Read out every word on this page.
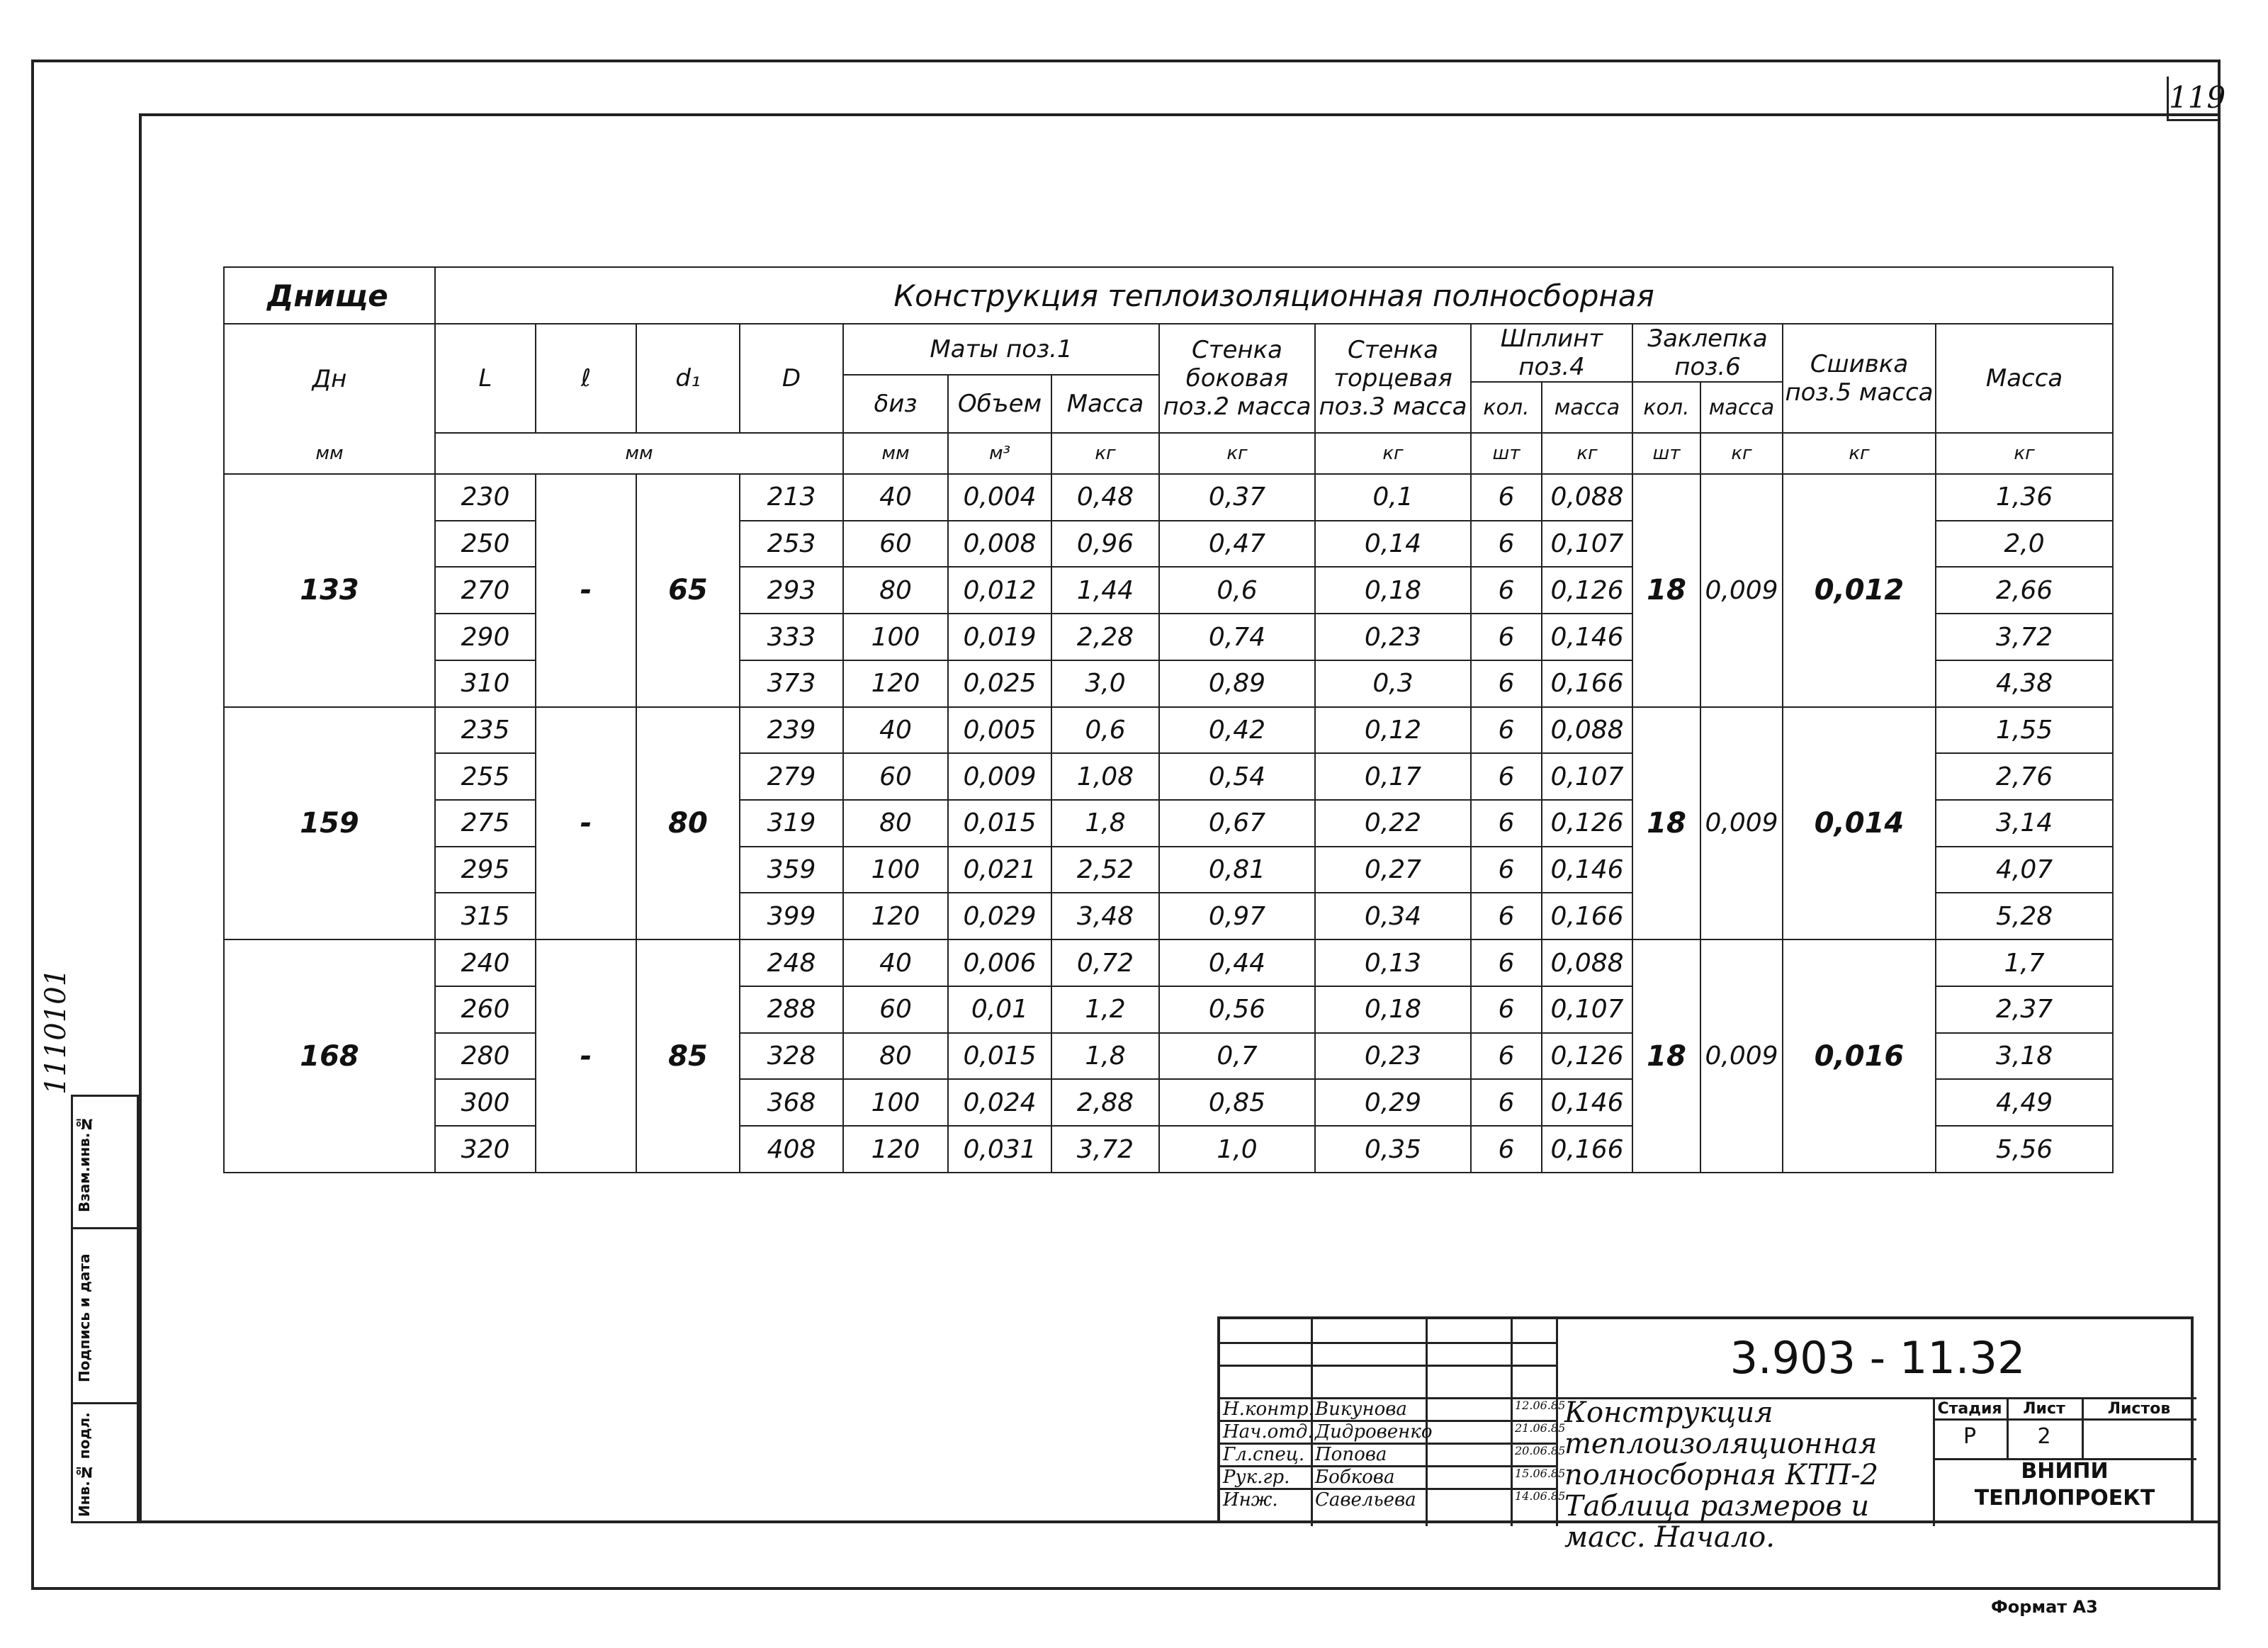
119
1110101
Взам.инв.№
Подпись и дата
Инв.№ подл.
Днище	Конструкция теплоизоляционная полносборная														
Дн	L	ℓ	d₁	D	Маты поз.1			Стенка боковая поз.2 масса	Стенка торцевая поз.3 масса	Шплинт поз.4		Заклепка поз.6		Сшивка поз.5 масса	Масса
					δиз	Объем	Масса								
										кол.	масса	кол.	масса		
мм	мм				мм	м³	кг	кг	кг	шт	кг	шт	кг	кг	кг
133	230	-	65	213	40	0,004	0,48	0,37	0,1	6	0,088	18	0,009	0,012	1,36
	250			253	60	0,008	0,96	0,47	0,14	6	0,107				2,0
	270			293	80	0,012	1,44	0,6	0,18	6	0,126				2,66
	290			333	100	0,019	2,28	0,74	0,23	6	0,146				3,72
	310			373	120	0,025	3,0	0,89	0,3	6	0,166				4,38
159	235	-	80	239	40	0,005	0,6	0,42	0,12	6	0,088	18	0,009	0,014	1,55
	255			279	60	0,009	1,08	0,54	0,17	6	0,107				2,76
	275			319	80	0,015	1,8	0,67	0,22	6	0,126				3,14
	295			359	100	0,021	2,52	0,81	0,27	6	0,146				4,07
	315			399	120	0,029	3,48	0,97	0,34	6	0,166				5,28
168	240	-	85	248	40	0,006	0,72	0,44	0,13	6	0,088	18	0,009	0,016	1,7
	260			288	60	0,01	1,2	0,56	0,18	6	0,107				2,37
	280			328	80	0,015	1,8	0,7	0,23	6	0,126				3,18
	300			368	100	0,024	2,88	0,85	0,29	6	0,146				4,49
	320			408	120	0,031	3,72	1,0	0,35	6	0,166				5,56
3.903 - 11.32
Конструкция теплоизоляционная полносборная КТП-2 Таблица размеров и масс. Начало.
Стадия	Лист	Листов
Р	2
ВНИПИ
ТЕПЛОПРОЕКТ
Н.контр. Викунова	12.06.85
Нач.отд. Дидровенко	21.06.85
Гл.спец. Попова	20.06.85
Рук.гр.	Бобкова	15.06.85
Инж.	Савельева	14.06.85
Формат А3
